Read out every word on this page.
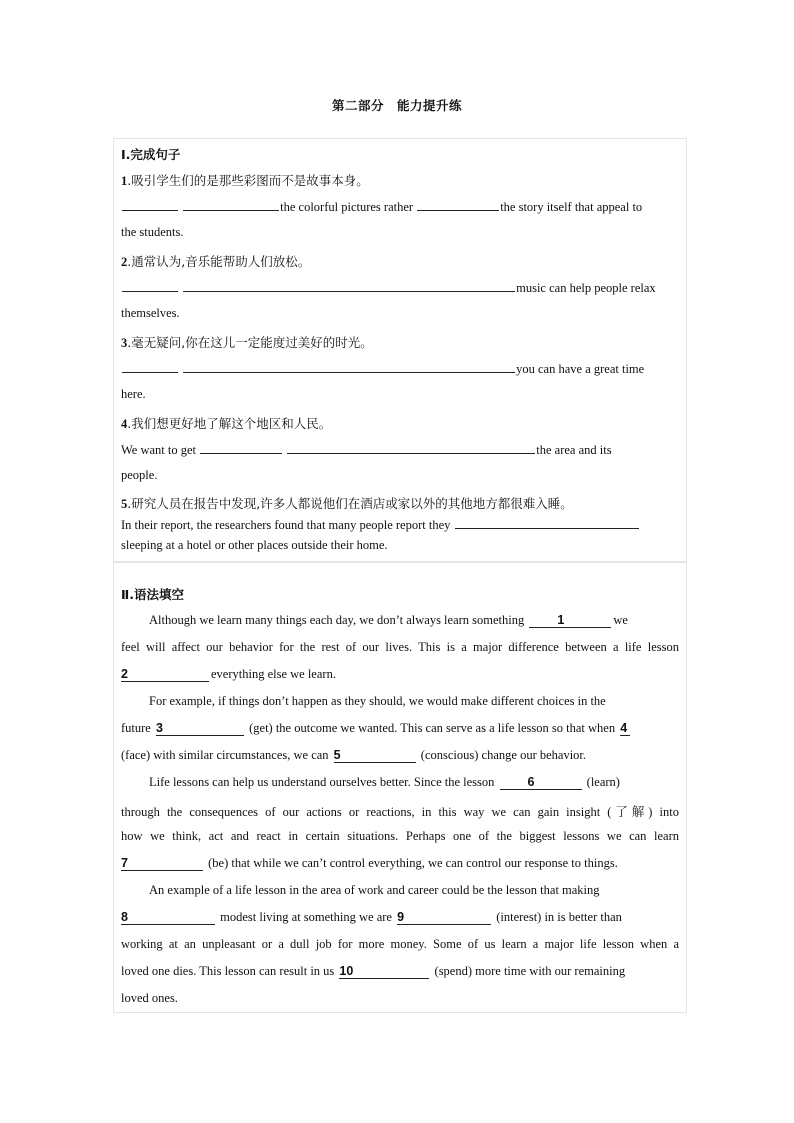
第二部分　能力提升练
Ⅰ.完成句子
1.吸引学生们的是那些彩图而不是故事本身。
the colorful pictures rather	the story itself that appeal to
the students.
2.通常认为,音乐能帮助人们放松。
music can help people relax
themselves.
3.毫无疑问,你在这儿一定能度过美好的时光。
you can have a great time
here.
4.我们想更好地了解这个地区和人民。
We want to get	the area and its
people.
5.研究人员在报告中发现,许多人都说他们在酒店或家以外的其他地方都很难入睡。
In their report, the researchers found that many people report they
sleeping at a hotel or other places outside their home.
Ⅱ.语法填空
Although we learn many things each day, we don’t always learn something	1	we
feel will affect our behavior for the rest of our lives. This is a major difference between a life lesson
2	everything else we learn.
For example, if things don’t happen as they should, we would make different choices in the
future 3	(get) the outcome we wanted. This can serve as a life lesson so that when 4
(face) with similar circumstances, we can 5	(conscious) change our behavior.
Life lessons can help us understand ourselves better. Since the lesson	6	(learn)
through the consequences of our actions or reactions, in this way we can gain insight (了解) into
how we think, act and react in certain situations. Perhaps one of the biggest lessons we can learn
7	(be) that while we can’t control everything, we can control our response to things.
An example of a life lesson in the area of work and career could be the lesson that making
8	modest living at something we are 9	(interest) in is better than
working at an unpleasant or a dull job for more money. Some of us learn a major life lesson when a
loved one dies. This lesson can result in us 10	(spend) more time with our remaining
loved ones.
